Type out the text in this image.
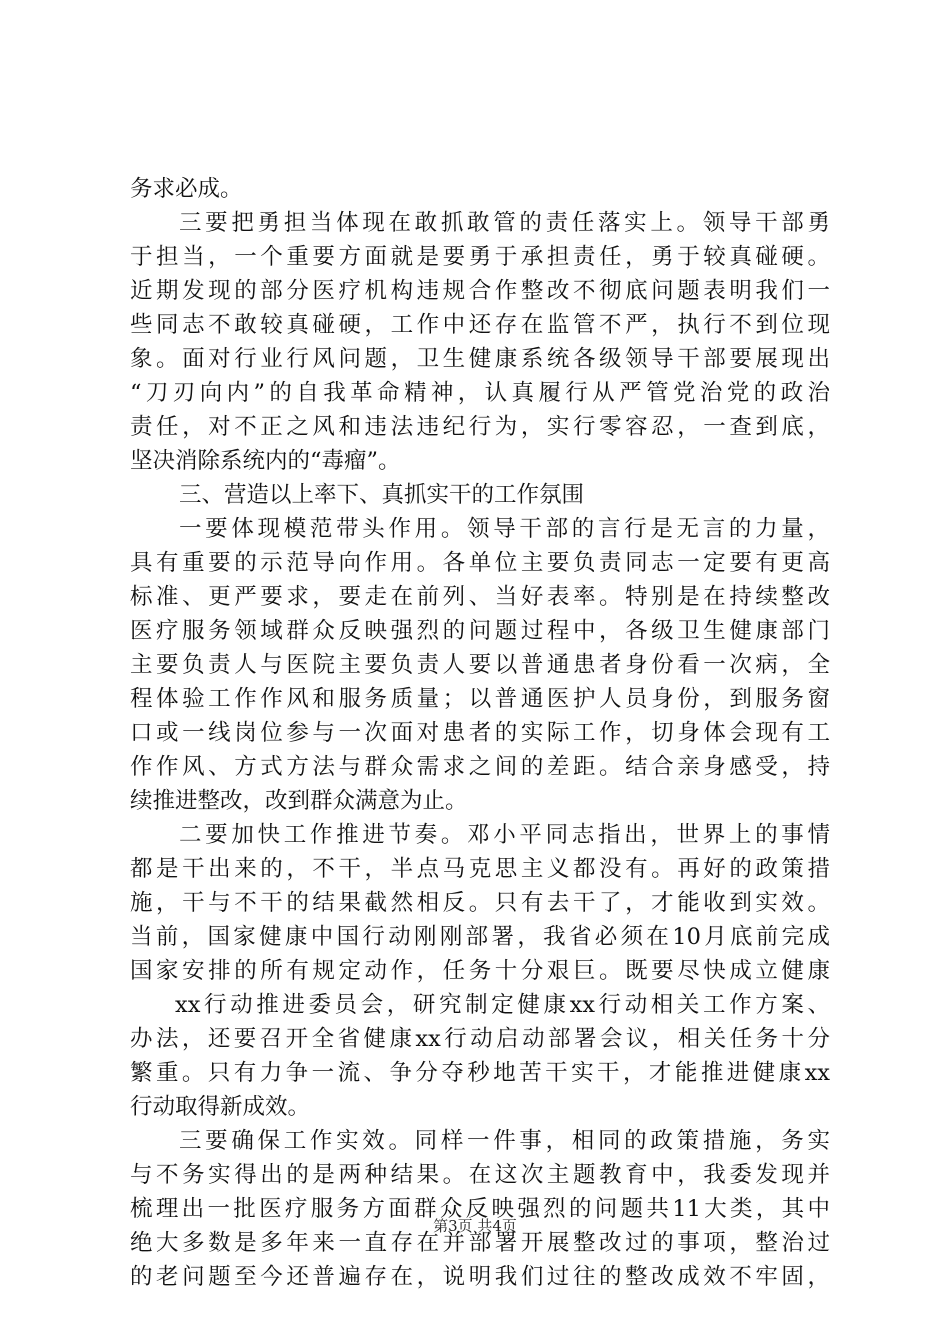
务求必成。
三要把勇担当体现在敢抓敢管的责任落实上。领导干部勇
于担当，一个重要方面就是要勇于承担责任，勇于较真碰硬。
近期发现的部分医疗机构违规合作整改不彻底问题表明我们一
些同志不敢较真碰硬，工作中还存在监管不严，执行不到位现
象。面对行业行风问题，卫生健康系统各级领导干部要展现出
“刀刃向内”的自我革命精神，认真履行从严管党治党的政治
责任，对不正之风和违法违纪行为，实行零容忍，一查到底，
坚决消除系统内的“毒瘤”。
三、营造以上率下、真抓实干的工作氛围
一要体现模范带头作用。领导干部的言行是无言的力量，
具有重要的示范导向作用。各单位主要负责同志一定要有更高
标准、更严要求，要走在前列、当好表率。特别是在持续整改
医疗服务领域群众反映强烈的问题过程中，各级卫生健康部门
主要负责人与医院主要负责人要以普通患者身份看一次病，全
程体验工作作风和服务质量；以普通医护人员身份，到服务窗
口或一线岗位参与一次面对患者的实际工作，切身体会现有工
作作风、方式方法与群众需求之间的差距。结合亲身感受，持
续推进整改，改到群众满意为止。
二要加快工作推进节奏。邓小平同志指出，世界上的事情
都是干出来的，不干，半点马克思主义都没有。再好的政策措
施，干与不干的结果截然相反。只有去干了，才能收到实效。
当前，国家健康中国行动刚刚部署，我省必须在10月底前完成
国家安排的所有规定动作，任务十分艰巨。既要尽快成立健康
xx行动推进委员会，研究制定健康xx行动相关工作方案、
办法，还要召开全省健康xx行动启动部署会议，相关任务十分
繁重。只有力争一流、争分夺秒地苦干实干，才能推进健康xx
行动取得新成效。
三要确保工作实效。同样一件事，相同的政策措施，务实
与不务实得出的是两种结果。在这次主题教育中，我委发现并
梳理出一批医疗服务方面群众反映强烈的问题共11大类，其中
绝大多数是多年来一直存在并部署开展整改过的事项，整治过
的老问题至今还普遍存在，说明我们过往的整改成效不牢固，
第3页 共4页
